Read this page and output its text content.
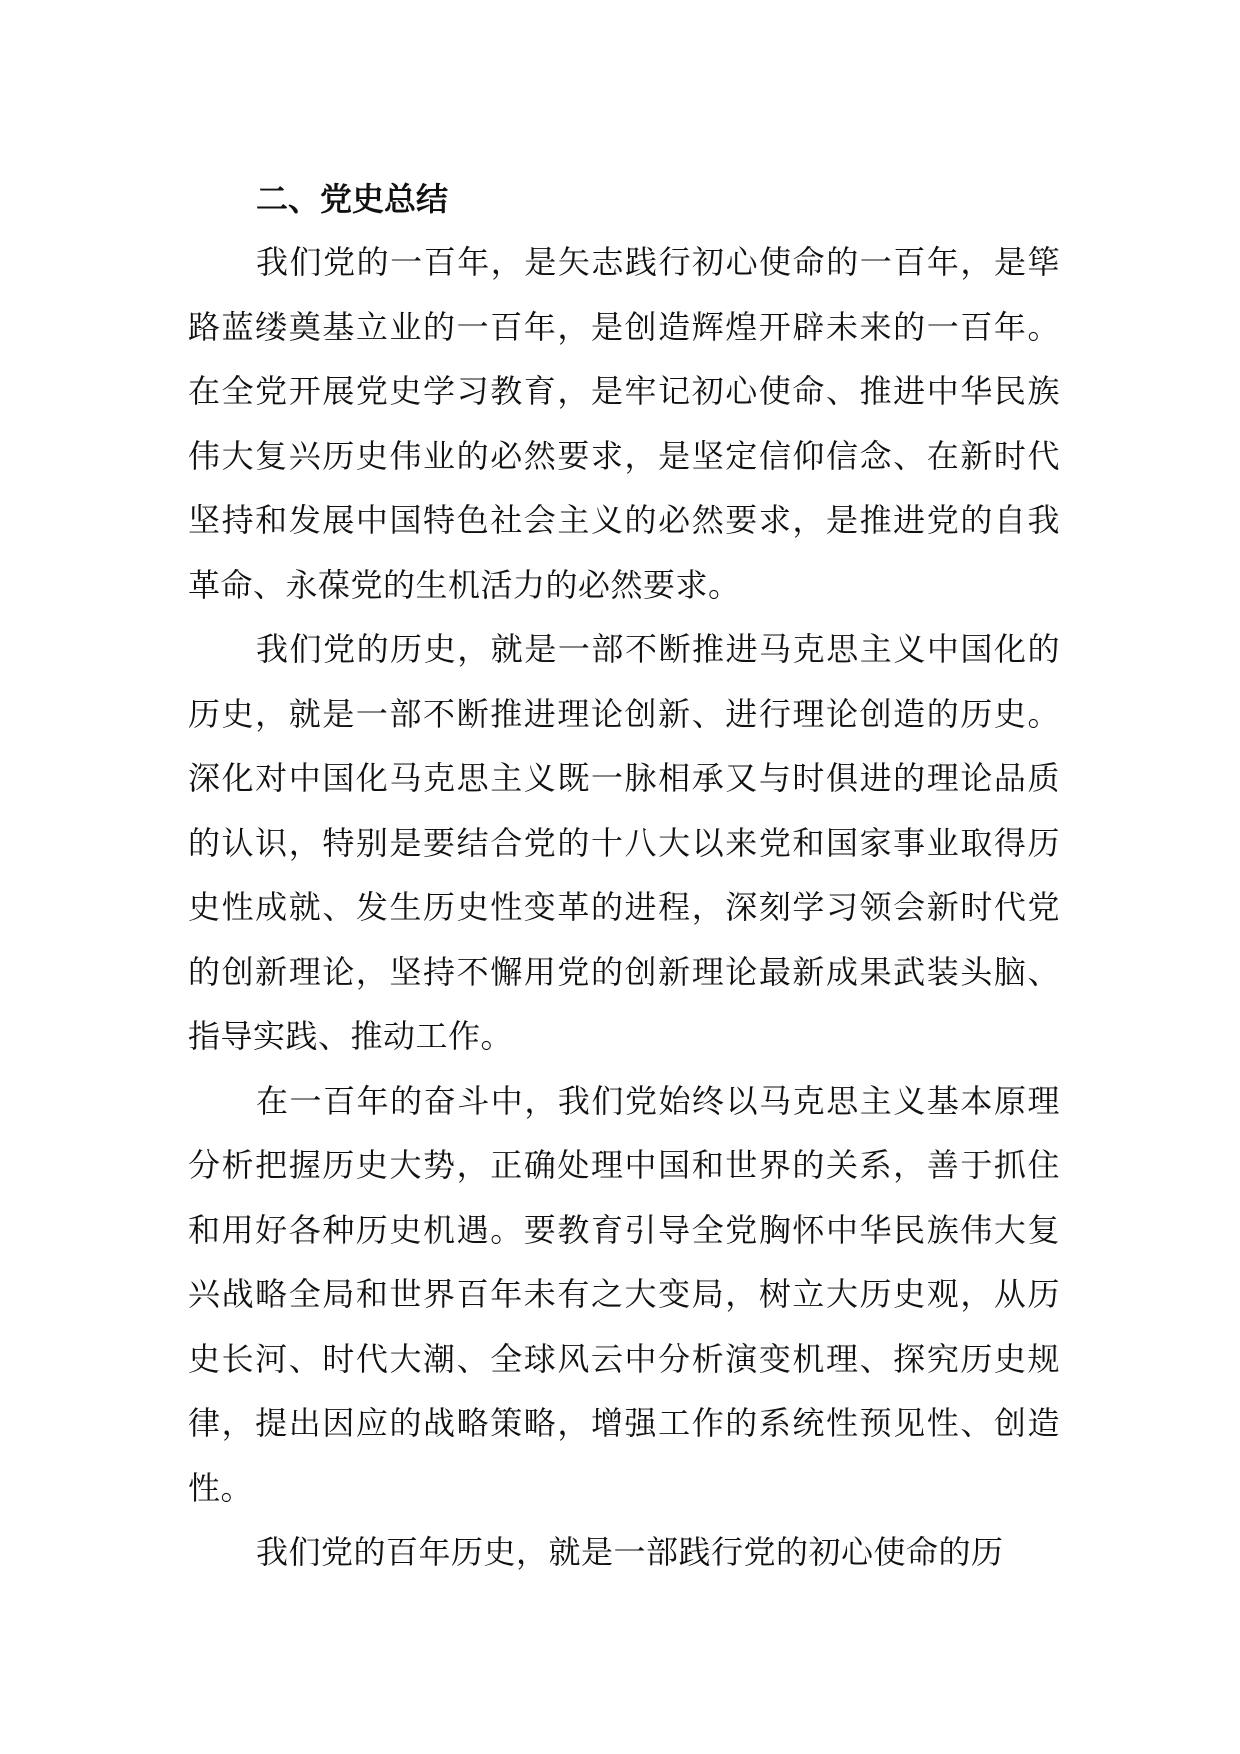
二、党史总结

我们党的一百年，是矢志践行初心使命的一百年，是筚路蓝缕奠基立业的一百年，是创造辉煌开辟未来的一百年。在全党开展党史学习教育，是牢记初心使命、推进中华民族伟大复兴历史伟业的必然要求，是坚定信仰信念、在新时代坚持和发展中国特色社会主义的必然要求，是推进党的自我革命、永葆党的生机活力的必然要求。

我们党的历史，就是一部不断推进马克思主义中国化的历史，就是一部不断推进理论创新、进行理论创造的历史。深化对中国化马克思主义既一脉相承又与时俱进的理论品质的认识，特别是要结合党的十八大以来党和国家事业取得历史性成就、发生历史性变革的进程，深刻学习领会新时代党的创新理论，坚持不懈用党的创新理论最新成果武装头脑、指导实践、推动工作。

在一百年的奋斗中，我们党始终以马克思主义基本原理分析把握历史大势，正确处理中国和世界的关系，善于抓住和用好各种历史机遇。要教育引导全党胸怀中华民族伟大复兴战略全局和世界百年未有之大变局，树立大历史观，从历史长河、时代大潮、全球风云中分析演变机理、探究历史规律，提出因应的战略策略，增强工作的系统性预见性、创造性。

我们党的百年历史，就是一部践行党的初心使命的历
